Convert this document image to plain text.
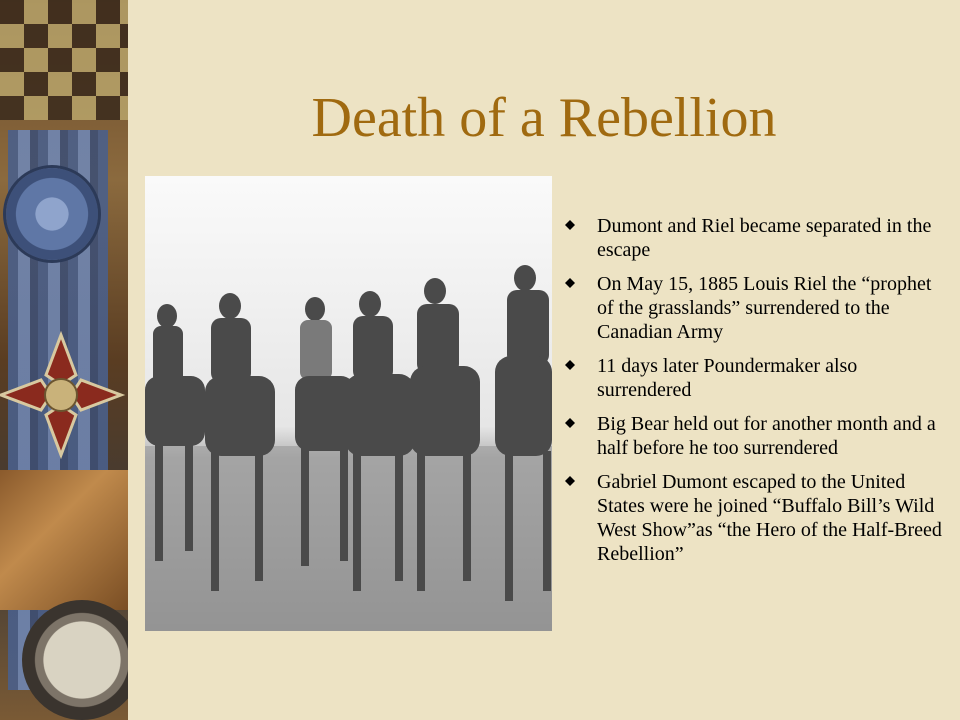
Death of a Rebellion
Dumont and Riel became separated in the escape
On May 15, 1885 Louis Riel the “prophet of the grasslands” surrendered to the Canadian Army
11 days later Poundermaker also surrendered
Big Bear held out for another month and a half before he too surrendered
Gabriel Dumont escaped to the United States were he joined “Buffalo Bill’s Wild West Show”as “the Hero of the Half-Breed Rebellion”
